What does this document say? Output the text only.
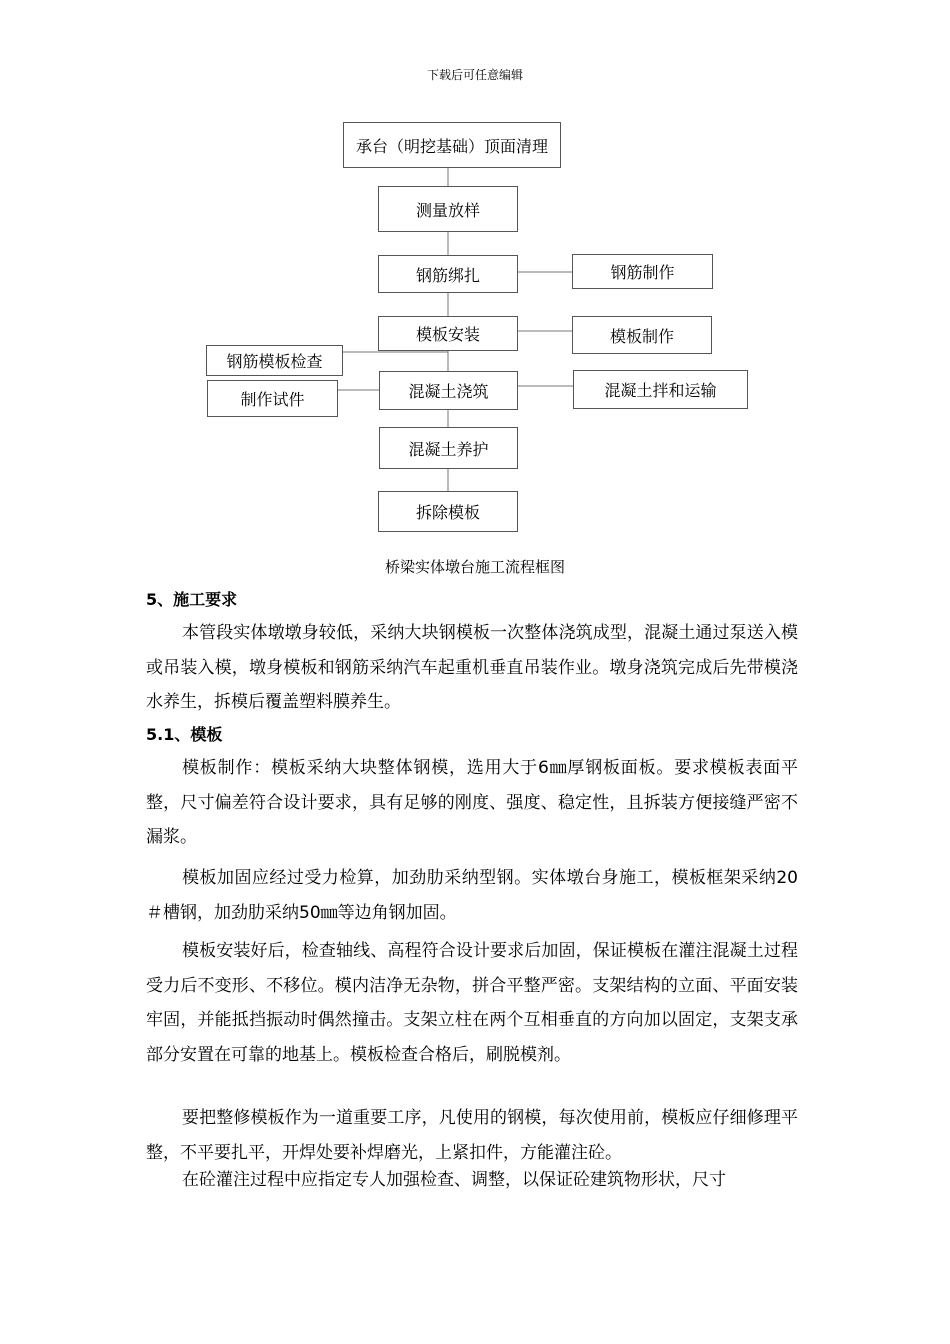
下载后可任意编辑
承台（明挖基础）顶面清理
测量放样
钢筋绑扎	钢筋制作
模板安装	模板制作
钢筋模板检查
混凝土浇筑
制作试件	混凝土拌和运输
混凝土养护
拆除模板
桥梁实体墩台施工流程框图
5、施工要求

本管段实体墩墩身较低，采纳大块钢模板一次整体浇筑成型，混凝土通过泵送入模或吊装入模，墩身模板和钢筋采纳汽车起重机垂直吊装作业。墩身浇筑完成后先带模浇水养生，拆模后覆盖塑料膜养生。

5.1、模板

模板制作：模板采纳大块整体钢模，选用大于6㎜厚钢板面板。要求模板表面平整，尺寸偏差符合设计要求，具有足够的刚度、强度、稳定性，且拆装方便接缝严密不漏浆。

模板加固应经过受力检算，加劲肋采纳型钢。实体墩台身施工，模板框架采纳20＃槽钢，加劲肋采纳50㎜等边角钢加固。

模板安装好后，检查轴线、高程符合设计要求后加固，保证模板在灌注混凝土过程受力后不变形、不移位。模内洁净无杂物，拼合平整严密。支架结构的立面、平面安装牢固，并能抵挡振动时偶然撞击。支架立柱在两个互相垂直的方向加以固定，支架支承部分安置在可靠的地基上。模板检查合格后，刷脱模剂。

要把整修模板作为一道重要工序，凡使用的钢模，每次使用前，模板应仔细修理平整，不平要扎平，开焊处要补焊磨光，上紧扣件，方能灌注砼。

在砼灌注过程中应指定专人加强检查、调整，以保证砼建筑物形状，尺寸
